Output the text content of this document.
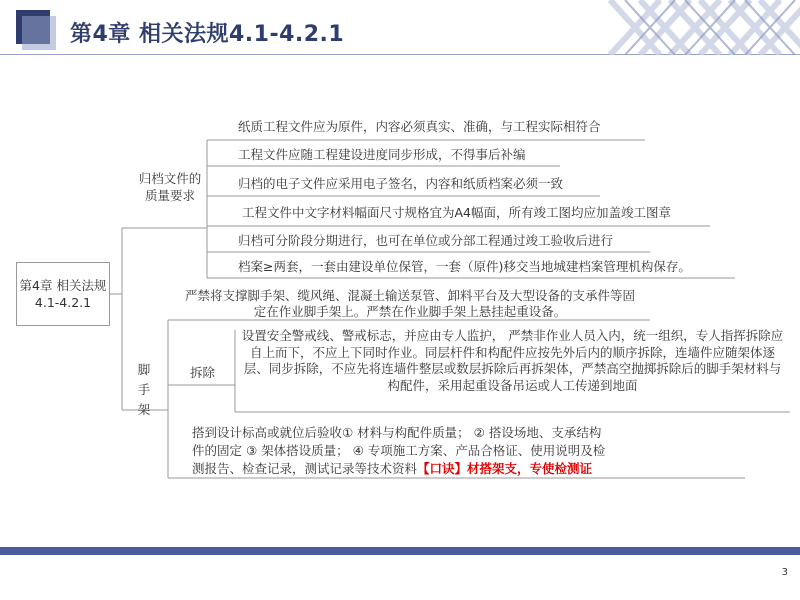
第4章 相关法规4.1-4.2.1
第4章 相关法规4.1-4.2.1
归档文件的质量要求
纸质工程文件应为原件，内容必须真实、准确，与工程实际相符合
工程文件应随工程建设进度同步形成，不得事后补编
归档的电子文件应采用电子签名，内容和纸质档案必须一致
工程文件中文字材料幅面尺寸规格宜为A4幅面，所有竣工图均应加盖竣工图章
归档可分阶段分期进行，也可在单位或分部工程通过竣工验收后进行
档案≥两套，一套由建设单位保管，一套（原件)移交当地城建档案管理机构保存。
脚手架
严禁将支撑脚手架、缆风绳、混凝土输送泵管、卸料平台及大型设备的支承件等固定在作业脚手架上。严禁在作业脚手架上悬挂起重设备。
拆除
设置安全警戒线、警戒标志，并应由专人监护， 严禁非作业人员入内，统一组织，专人指挥拆除应自上而下，不应上下同时作业。同层杆件和构配件应按先外后内的顺序拆除，连墙件应随架体逐层、同步拆除，不应先将连墙件整层或数层拆除后再拆架体，严禁高空抛掷拆除后的脚手架材料与构配件，采用起重设备吊运或人工传递到地面
搭到设计标高或就位后验收① 材料与构配件质量； ② 搭设场地、支承结构件的固定 ③ 架体搭设质量； ④ 专项施工方案、产品合格证、使用说明及检测报告、检查记录，测试记录等技术资料【口诀】材搭架支，专使检测证
3
